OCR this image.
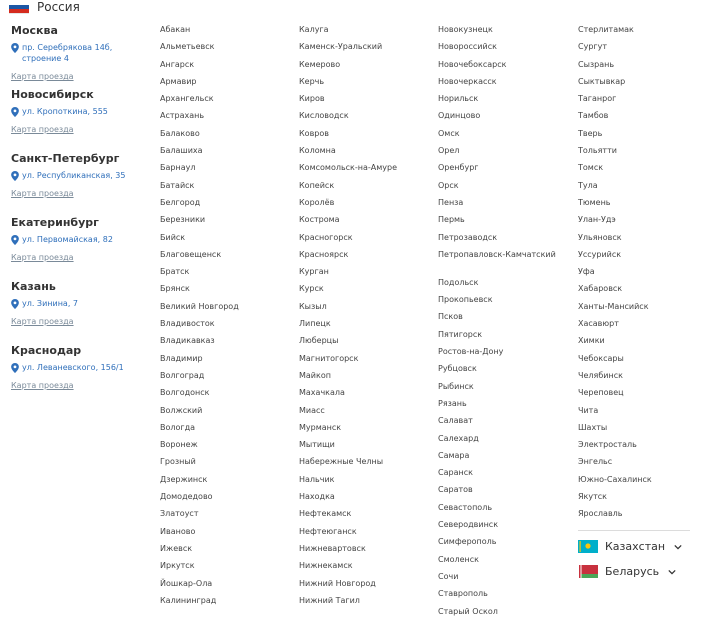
Россия
Москва
пр. Серебрякова 14б, строение 4
Карта проезда
Новосибирск
ул. Кропоткина, 555
Карта проезда
Санкт-Петербург
ул. Республиканская, 35
Карта проезда
Екатеринбург
ул. Первомайская, 82
Карта проезда
Казань
ул. Зинина, 7
Карта проезда
Краснодар
ул. Леваневского, 156/1
Карта проезда
Абакан
Альметьевск
Ангарск
Армавир
Архангельск
Астрахань
Балаково
Балашиха
Барнаул
Батайск
Белгород
Березники
Бийск
Благовещенск
Братск
Брянск
Великий Новгород
Владивосток
Владикавказ
Владимир
Волгоград
Волгодонск
Волжский
Вологда
Воронеж
Грозный
Дзержинск
Домодедово
Златоуст
Иваново
Ижевск
Иркутск
Йошкар-Ола
Калининград
Калуга
Каменск-Уральский
Кемерово
Керчь
Киров
Кисловодск
Ковров
Коломна
Комсомольск-на-Амуре
Копейск
Королёв
Кострома
Красногорск
Красноярск
Курган
Курск
Кызыл
Липецк
Люберцы
Магнитогорск
Майкоп
Махачкала
Миасс
Мурманск
Мытищи
Набережные Челны
Нальчик
Находка
Нефтекамск
Нефтеюганск
Нижневартовск
Нижнекамск
Нижний Новгород
Нижний Тагил
Новокузнецк
Новороссийск
Новочебоксарск
Новочеркасск
Норильск
Одинцово
Омск
Орел
Оренбург
Орск
Пенза
Пермь
Петрозаводск
Петропавловск-Камчатский
Подольск
Прокопьевск
Псков
Пятигорск
Ростов-на-Дону
Рубцовск
Рыбинск
Рязань
Салават
Салехард
Самара
Саранск
Саратов
Севастополь
Северодвинск
Симферополь
Смоленск
Сочи
Ставрополь
Старый Оскол
Стерлитамак
Сургут
Сызрань
Сыктывкар
Таганрог
Тамбов
Тверь
Тольятти
Томск
Тула
Тюмень
Улан-Удэ
Ульяновск
Уссурийск
Уфа
Хабаровск
Ханты-Мансийск
Хасавюрт
Химки
Чебоксары
Челябинск
Череповец
Чита
Шахты
Электросталь
Энгельс
Южно-Сахалинск
Якутск
Ярославль
Казахстан
Беларусь
